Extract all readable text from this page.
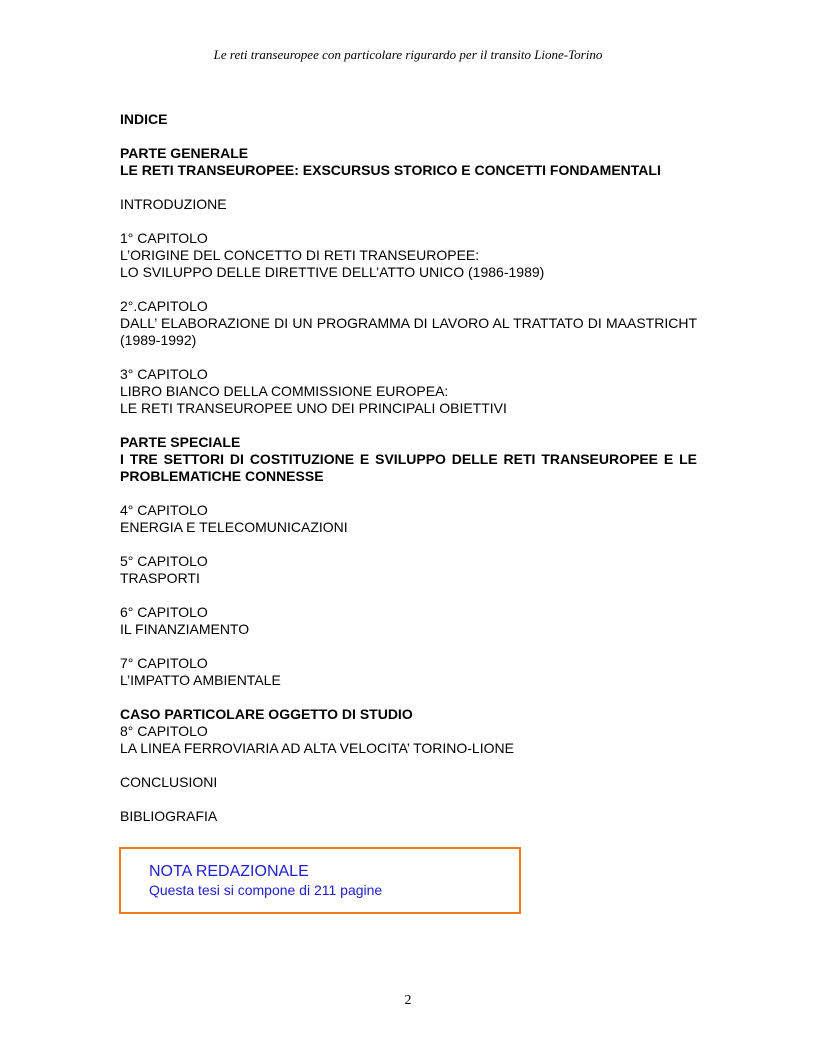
Le reti transeuropee con particolare rigurardo per il transito Lione-Torino

INDICE

PARTE GENERALE

LE RETI TRANSEUROPEE: EXSCURSUS STORICO E CONCETTI FONDAMENTALI

INTRODUZIONE

1° CAPITOLO

L’ORIGINE DEL CONCETTO DI RETI TRANSEUROPEE:

LO SVILUPPO DELLE DIRETTIVE DELL’ATTO UNICO (1986-1989)

2°.CAPITOLO

DALL’ ELABORAZIONE DI UN PROGRAMMA DI LAVORO AL TRATTATO DI MAASTRICHT (1989-1992)

3° CAPITOLO

LIBRO BIANCO DELLA COMMISSIONE EUROPEA:

LE RETI TRANSEUROPEE UNO DEI PRINCIPALI OBIETTIVI

PARTE SPECIALE

I TRE SETTORI DI COSTITUZIONE E SVILUPPO DELLE RETI TRANSEUROPEE E LE PROBLEMATICHE CONNESSE

4° CAPITOLO

ENERGIA E TELECOMUNICAZIONI

5° CAPITOLO

TRASPORTI

6° CAPITOLO

IL FINANZIAMENTO

7° CAPITOLO

L’IMPATTO AMBIENTALE

CASO PARTICOLARE OGGETTO DI STUDIO

8° CAPITOLO

LA LINEA FERROVIARIA AD ALTA VELOCITA’ TORINO-LIONE

CONCLUSIONI

BIBLIOGRAFIA

NOTA REDAZIONALE

Questa tesi si compone di 211 pagine

2
